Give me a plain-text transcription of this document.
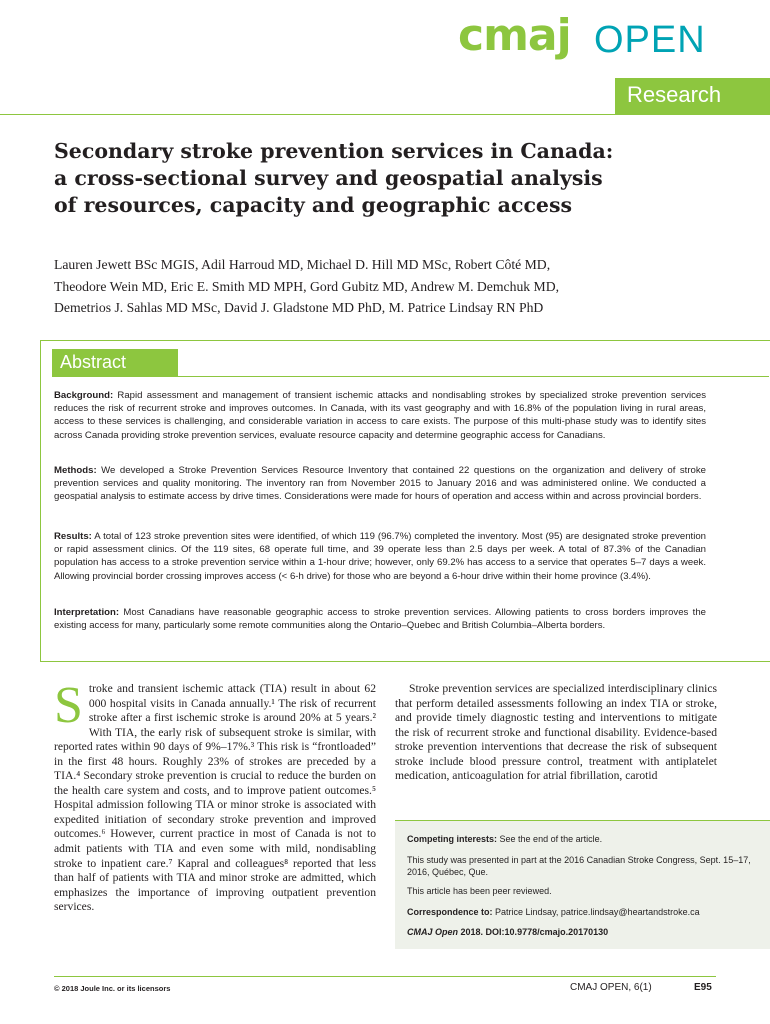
cmaj OPEN
Research
Secondary stroke prevention services in Canada:
a cross-sectional survey and geospatial analysis
of resources, capacity and geographic access
Lauren Jewett BSc MGIS, Adil Harroud MD, Michael D. Hill MD MSc, Robert Côté MD,
Theodore Wein MD, Eric E. Smith MD MPH, Gord Gubitz MD, Andrew M. Demchuk MD,
Demetrios J. Sahlas MD MSc, David J. Gladstone MD PhD, M. Patrice Lindsay RN PhD
Abstract
Background: Rapid assessment and management of transient ischemic attacks and nondisabling strokes by specialized stroke prevention services reduces the risk of recurrent stroke and improves outcomes. In Canada, with its vast geography and with 16.8% of the population living in rural areas, access to these services is challenging, and considerable variation in access to care exists. The purpose of this multi-phase study was to identify sites across Canada providing stroke prevention services, evaluate resource capacity and determine geographic access for Canadians.
Methods: We developed a Stroke Prevention Services Resource Inventory that contained 22 questions on the organization and delivery of stroke prevention services and quality monitoring. The inventory ran from November 2015 to January 2016 and was administered online. We conducted a geospatial analysis to estimate access by drive times. Considerations were made for hours of operation and access within and across provincial borders.
Results: A total of 123 stroke prevention sites were identified, of which 119 (96.7%) completed the inventory. Most (95) are designated stroke prevention or rapid assessment clinics. Of the 119 sites, 68 operate full time, and 39 operate less than 2.5 days per week. A total of 87.3% of the Canadian population has access to a stroke prevention service within a 1-hour drive; however, only 69.2% has access to a service that operates 5–7 days a week. Allowing provincial border crossing improves access (< 6-h drive) for those who are beyond a 6-hour drive within their home province (3.4%).
Interpretation: Most Canadians have reasonable geographic access to stroke prevention services. Allowing patients to cross borders improves the existing access for many, particularly some remote communities along the Ontario–Quebec and British Columbia–Alberta borders.
Stroke and transient ischemic attack (TIA) result in about 62 000 hospital visits in Canada annually.¹ The risk of recurrent stroke after a first ischemic stroke is around 20% at 5 years.² With TIA, the early risk of subsequent stroke is similar, with reported rates within 90 days of 9%–17%.³ This risk is “frontloaded” in the first 48 hours. Roughly 23% of strokes are preceded by a TIA.⁴ Secondary stroke prevention is crucial to reduce the burden on the health care system and costs, and to improve patient outcomes.⁵ Hospital admission following TIA or minor stroke is associated with expedited initiation of secondary stroke prevention and improved outcomes.⁶ However, current practice in most of Canada is not to admit patients with TIA and even some with mild, nondisabling stroke to inpatient care.⁷ Kapral and colleagues⁸ reported that less than half of patients with TIA and minor stroke are admitted, which emphasizes the importance of improving outpatient prevention services.
Stroke prevention services are specialized interdisciplinary clinics that perform detailed assessments following an index TIA or stroke, and provide timely diagnostic testing and interventions to mitigate the risk of recurrent stroke and functional disability. Evidence-based stroke prevention interventions that decrease the risk of subsequent stroke include blood pressure control, treatment with antiplatelet medication, anticoagulation for atrial fibrillation, carotid
Competing interests: See the end of the article.
This study was presented in part at the 2016 Canadian Stroke Congress, Sept. 15–17, 2016, Québec, Que.
This article has been peer reviewed.
Correspondence to: Patrice Lindsay, patrice.lindsay@heartandstroke.ca
CMAJ Open 2018. DOI:10.9778/cmajo.20170130
© 2018 Joule Inc. or its licensors	CMAJ OPEN, 6(1)	E95
